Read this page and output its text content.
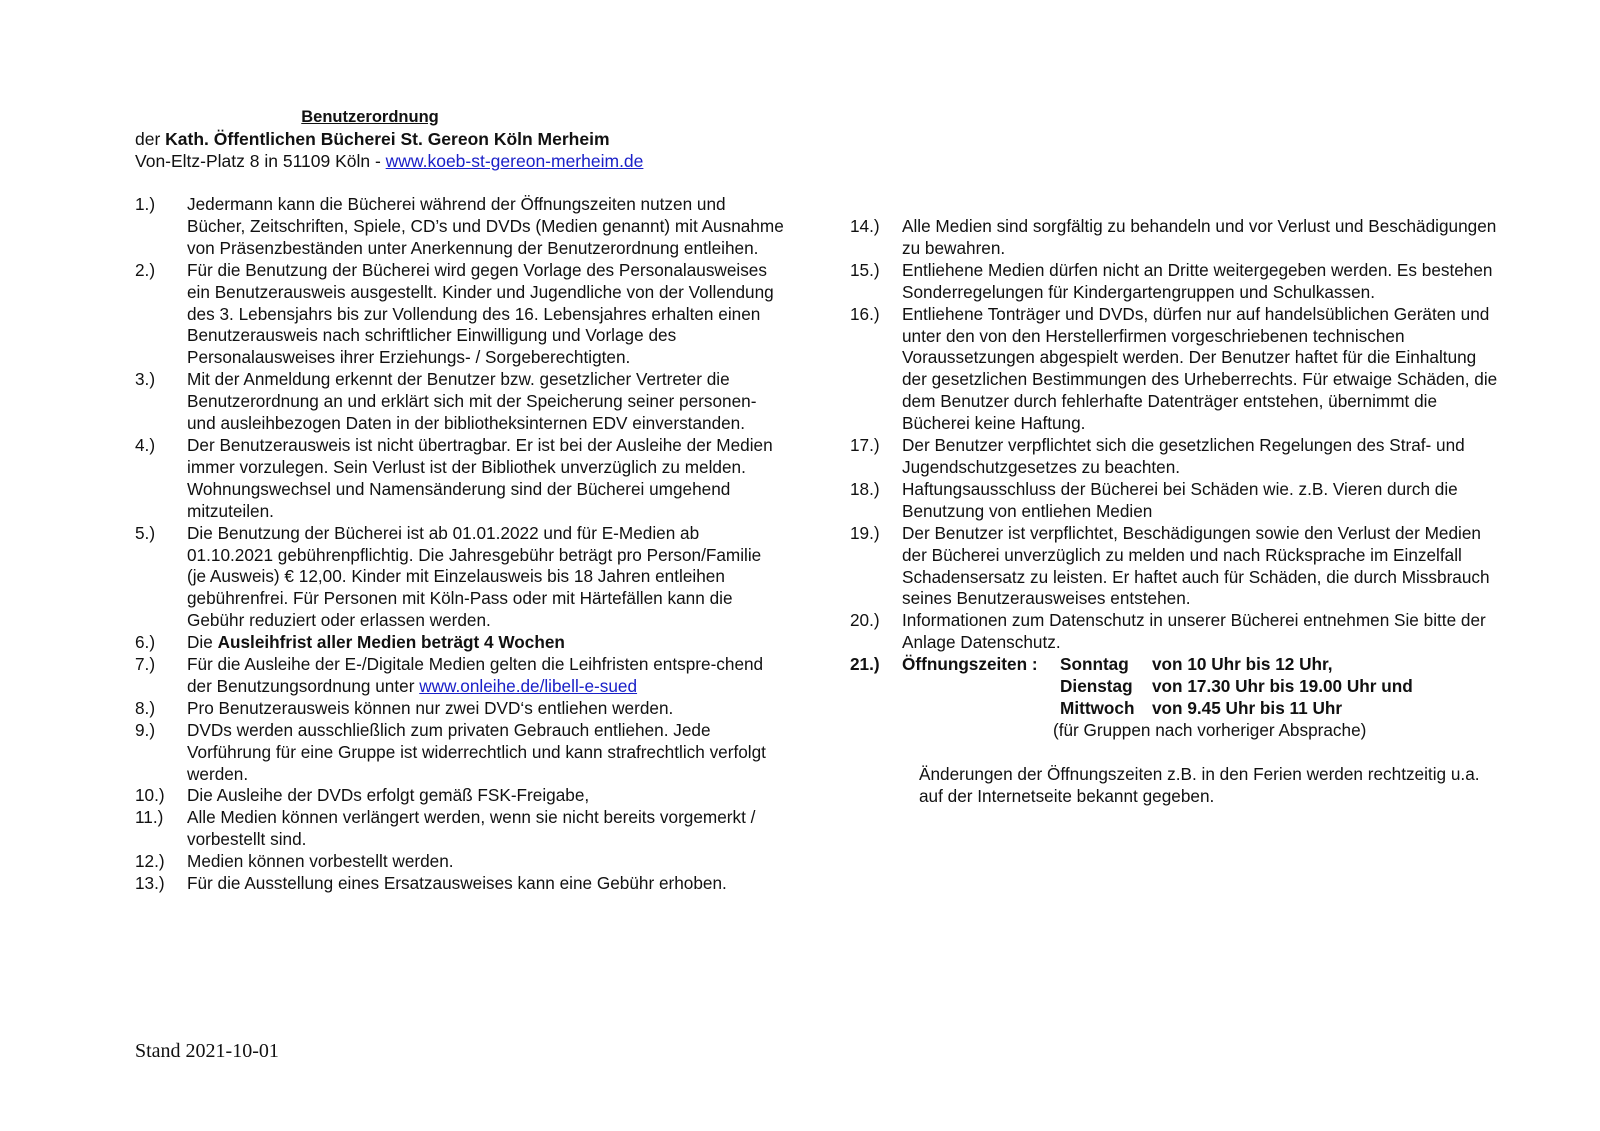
Benutzerordnung
der Kath. Öffentlichen Bücherei St. Gereon Köln Merheim
Von-Eltz-Platz 8 in 51109 Köln - www.koeb-st-gereon-merheim.de
1.) Jedermann kann die Bücherei während der Öffnungszeiten nutzen und Bücher, Zeitschriften, Spiele, CD’s und DVDs (Medien genannt) mit Ausnahme von Präsenzbeständen unter Anerkennung der Benutzerordnung entleihen.
2.) Für die Benutzung der Bücherei wird gegen Vorlage des Personalausweises ein Benutzerausweis ausgestellt. Kinder und Jugendliche von der Vollendung des 3. Lebensjahrs bis zur Vollendung des 16. Lebensjahres erhalten einen Benutzerausweis nach schriftlicher Einwilligung und Vorlage des Personalausweises ihrer Erziehungs- / Sorgeberechtigten.
3.) Mit der Anmeldung erkennt der Benutzer bzw. gesetzlicher Vertreter die Benutzerordnung an und erklärt sich mit der Speicherung seiner personen- und ausleihbezogen Daten in der bibliotheksinternen EDV einverstanden.
4.) Der Benutzerausweis ist nicht übertragbar. Er ist bei der Ausleihe der Medien immer vorzulegen. Sein Verlust ist der Bibliothek unverzüglich zu melden. Wohnungswechsel und Namensänderung sind der Bücherei umgehend mitzuteilen.
5.) Die Benutzung der Bücherei ist ab 01.01.2022 und für E-Medien ab 01.10.2021 gebührenpflichtig. Die Jahresgebühr beträgt pro Person/Familie (je Ausweis) € 12,00. Kinder mit Einzelausweis bis 18 Jahren entleihen gebührenfrei. Für Personen mit Köln-Pass oder mit Härtefällen kann die Gebühr reduziert oder erlassen werden.
6.) Die Ausleihfrist aller Medien beträgt 4 Wochen
7.) Für die Ausleihe der E-/Digitale Medien gelten die Leihfristen entspre-chend der Benutzungsordnung unter www.onleihe.de/libell-e-sued
8.) Pro Benutzerausweis können nur zwei DVD‘s entliehen werden.
9.) DVDs werden ausschließlich zum privaten Gebrauch entliehen. Jede Vorführung für eine Gruppe ist widerrechtlich und kann strafrechtlich verfolgt werden.
10.) Die Ausleihe der DVDs erfolgt gemäß FSK-Freigabe,
11.) Alle Medien können verlängert werden, wenn sie nicht bereits vorgemerkt / vorbestellt sind.
12.) Medien können vorbestellt werden.
13.) Für die Ausstellung eines Ersatzausweises kann eine Gebühr erhoben.
14.) Alle Medien sind sorgfältig zu behandeln und vor Verlust und Beschädigungen zu bewahren.
15.) Entliehene Medien dürfen nicht an Dritte weitergegeben werden. Es bestehen Sonderregelungen für Kindergartengruppen und Schulkassen.
16.) Entliehene Tonträger und DVDs, dürfen nur auf handelsüblichen Geräten und unter den von den Herstellerfirmen vorgeschriebenen technischen Voraussetzungen abgespielt werden. Der Benutzer haftet für die Einhaltung der gesetzlichen Bestimmungen des Urheberrechts. Für etwaige Schäden, die dem Benutzer durch fehlerhafte Datenträger entstehen, übernimmt die Bücherei keine Haftung.
17.) Der Benutzer verpflichtet sich die gesetzlichen Regelungen des Straf- und Jugendschutzgesetzes zu beachten.
18.) Haftungsausschluss der Bücherei bei Schäden wie. z.B. Vieren durch die Benutzung von entliehen Medien
19.) Der Benutzer ist verpflichtet, Beschädigungen sowie den Verlust der Medien der Bücherei unverzüglich zu melden und nach Rücksprache im Einzelfall Schadensersatz zu leisten. Er haftet auch für Schäden, die durch Missbrauch seines Benutzerausweises entstehen.
20.) Informationen zum Datenschutz in unserer Bücherei entnehmen Sie bitte der Anlage Datenschutz.
21.)	Öffnungszeiten :	Sonntag	von 10 Uhr bis 12 Uhr,
Dienstag	von 17.30 Uhr bis 19.00 Uhr und
Mittwoch	von 9.45 Uhr bis 11 Uhr
(für Gruppen nach vorheriger Absprache)
Änderungen der Öffnungszeiten z.B. in den Ferien werden rechtzeitig u.a. auf der Internetseite bekannt gegeben.
Stand 2021-10-01
